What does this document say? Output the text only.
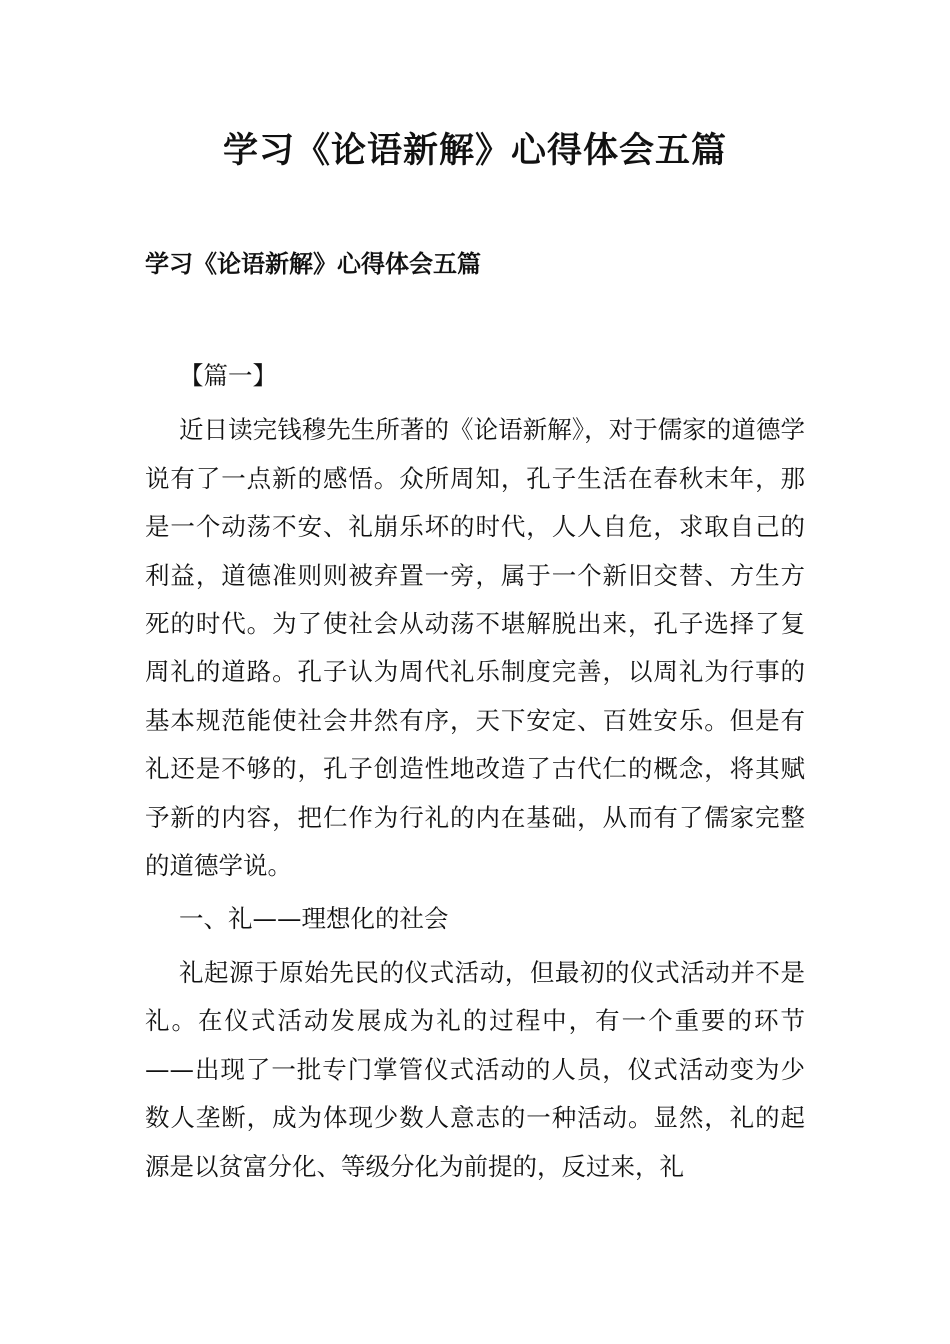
学习《论语新解》心得体会五篇
学习《论语新解》心得体会五篇

【篇一】

近日读完钱穆先生所著的《论语新解》，对于儒家的道德学说有了一点新的感悟。众所周知，孔子生活在春秋末年，那是一个动荡不安、礼崩乐坏的时代，人人自危，求取自己的利益，道德准则则被弃置一旁，属于一个新旧交替、方生方死的时代。为了使社会从动荡不堪解脱出来，孔子选择了复周礼的道路。孔子认为周代礼乐制度完善，以周礼为行事的基本规范能使社会井然有序，天下安定、百姓安乐。但是有礼还是不够的，孔子创造性地改造了古代仁的概念，将其赋予新的内容，把仁作为行礼的内在基础，从而有了儒家完整的道德学说。

一、礼——理想化的社会

礼起源于原始先民的仪式活动，但最初的仪式活动并不是礼。在仪式活动发展成为礼的过程中，有一个重要的环节——出现了一批专门掌管仪式活动的人员，仪式活动变为少数人垄断，成为体现少数人意志的一种活动。显然，礼的起源是以贫富分化、等级分化为前提的，反过来，礼
